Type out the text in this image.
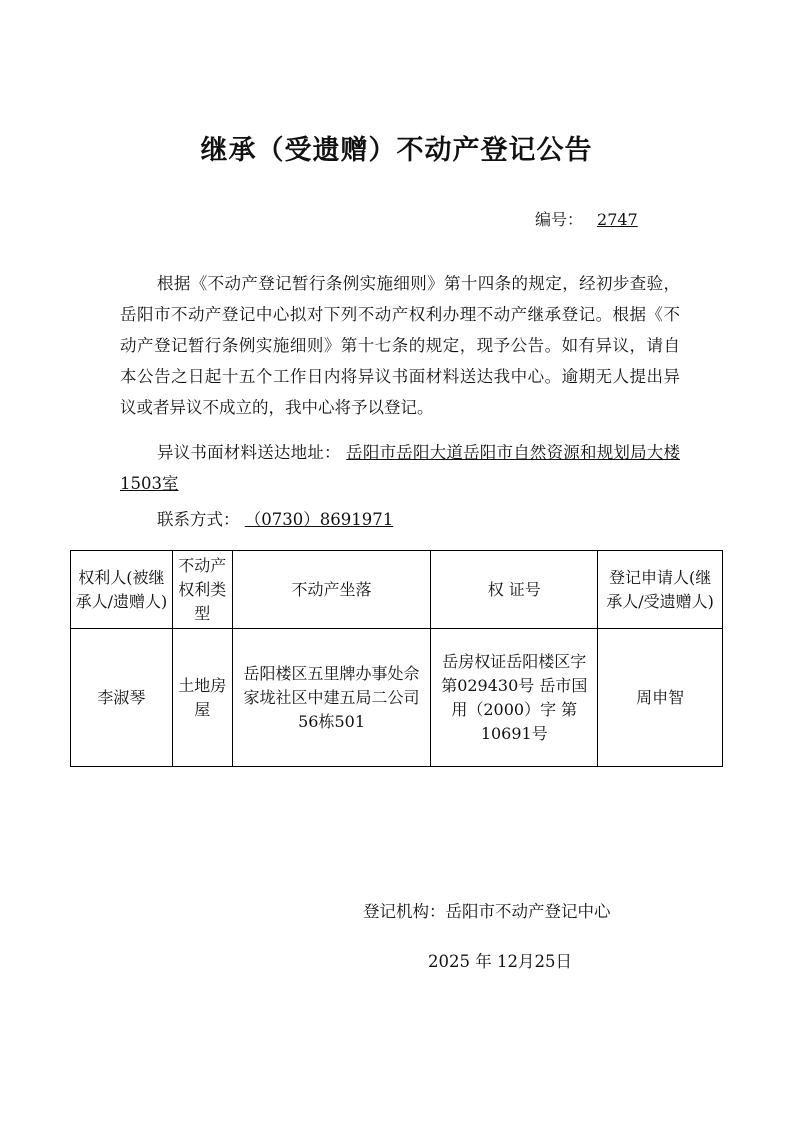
继承（受遗赠）不动产登记公告
编号： 2747
根据《不动产登记暂行条例实施细则》第十四条的规定，经初步查验，岳阳市不动产登记中心拟对下列不动产权利办理不动产继承登记。根据《不动产登记暂行条例实施细则》第十七条的规定，现予公告。如有异议，请自本公告之日起十五个工作日内将异议书面材料送达我中心。逾期无人提出异议或者异议不成立的，我中心将予以登记。
异议书面材料送达地址： 岳阳市岳阳大道岳阳市自然资源和规划局大楼1503室
联系方式： （0730）8691971
权利人(被继承人/遗赠人)	不动产权利类型	不动产坐落	权 证号	登记申请人(继承人/受遗赠人)
李淑琴	土地房屋	岳阳楼区五里牌办事处佘家垅社区中建五局二公司56栋501	岳房权证岳阳楼区字第029430号 岳市国用（2000）字 第10691号	周申智
登记机构：岳阳市不动产登记中心
2025 年 12月25日
